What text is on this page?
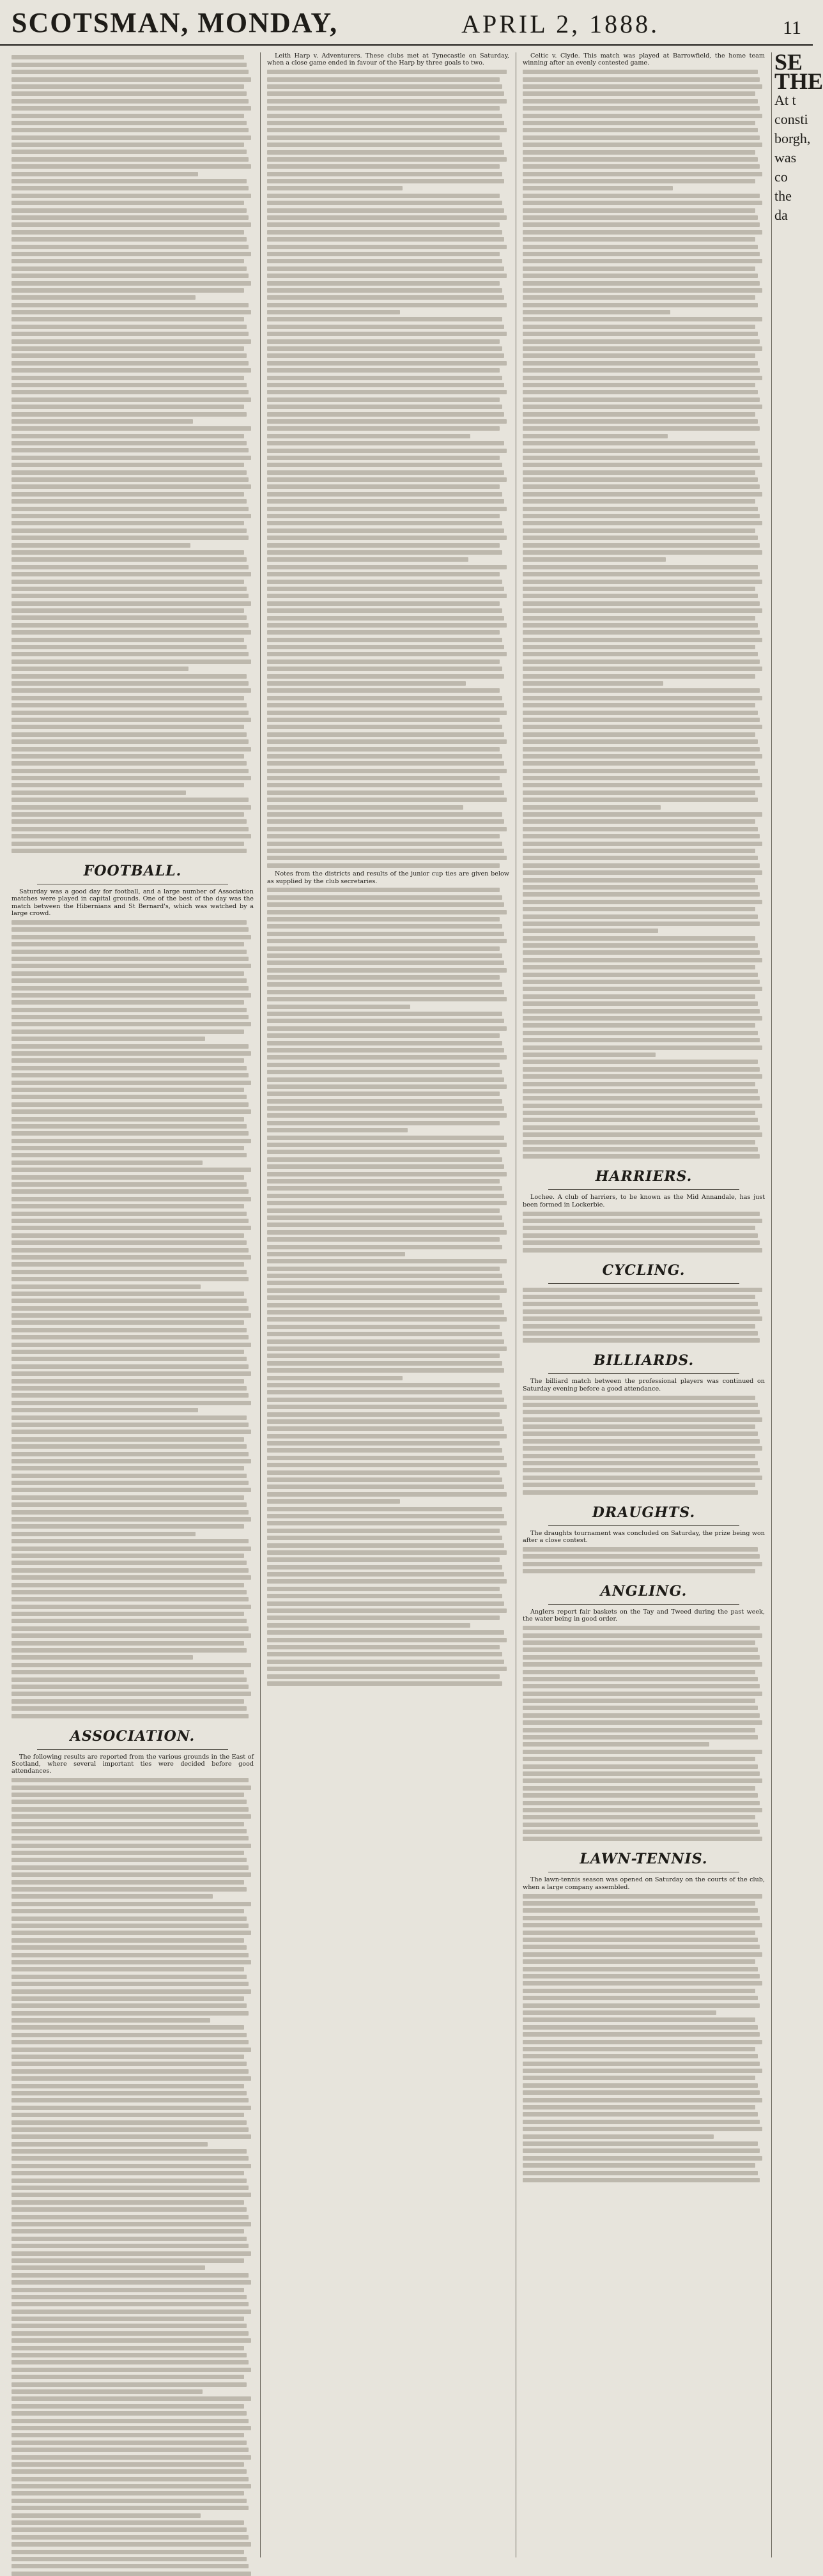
SCOTSMAN, MONDAY,	APRIL 2, 1888.	11
FOOTBALL.

Saturday was a good day for football, and a large number of Association matches were played in capital grounds. One of the best of the day was the match between the Hibernians and St Bernard's, which was watched by a large crowd.

ASSOCIATION.

The following results are reported from the various grounds in the East of Scotland, where several important ties were decided before good attendances.

Leith Harp v. Adventurers. These clubs met at Tynecastle on Saturday, when a close game ended in favour of the Harp by three goals to two.

Notes from the districts and results of the junior cup ties are given below as supplied by the club secretaries.

Celtic v. Clyde. This match was played at Barrowfield, the home team winning after an evenly contested game.

HARRIERS.

Lochee. A club of harriers, to be known as the Mid Annandale, has just been formed in Lockerbie.

CYCLING.
BILLIARDS.

The billiard match between the professional players was continued on Saturday evening before a good attendance.

DRAUGHTS.

The draughts tournament was concluded on Saturday, the prize being won after a close contest.

ANGLING.

Anglers report fair baskets on the Tay and Tweed during the past week, the water being in good order.

LAWN-TENNIS.

The lawn-tennis season was opened on Saturday on the courts of the club, when a large company assembled.

SE
THE
At t
consti
borgh,
was co
the da
